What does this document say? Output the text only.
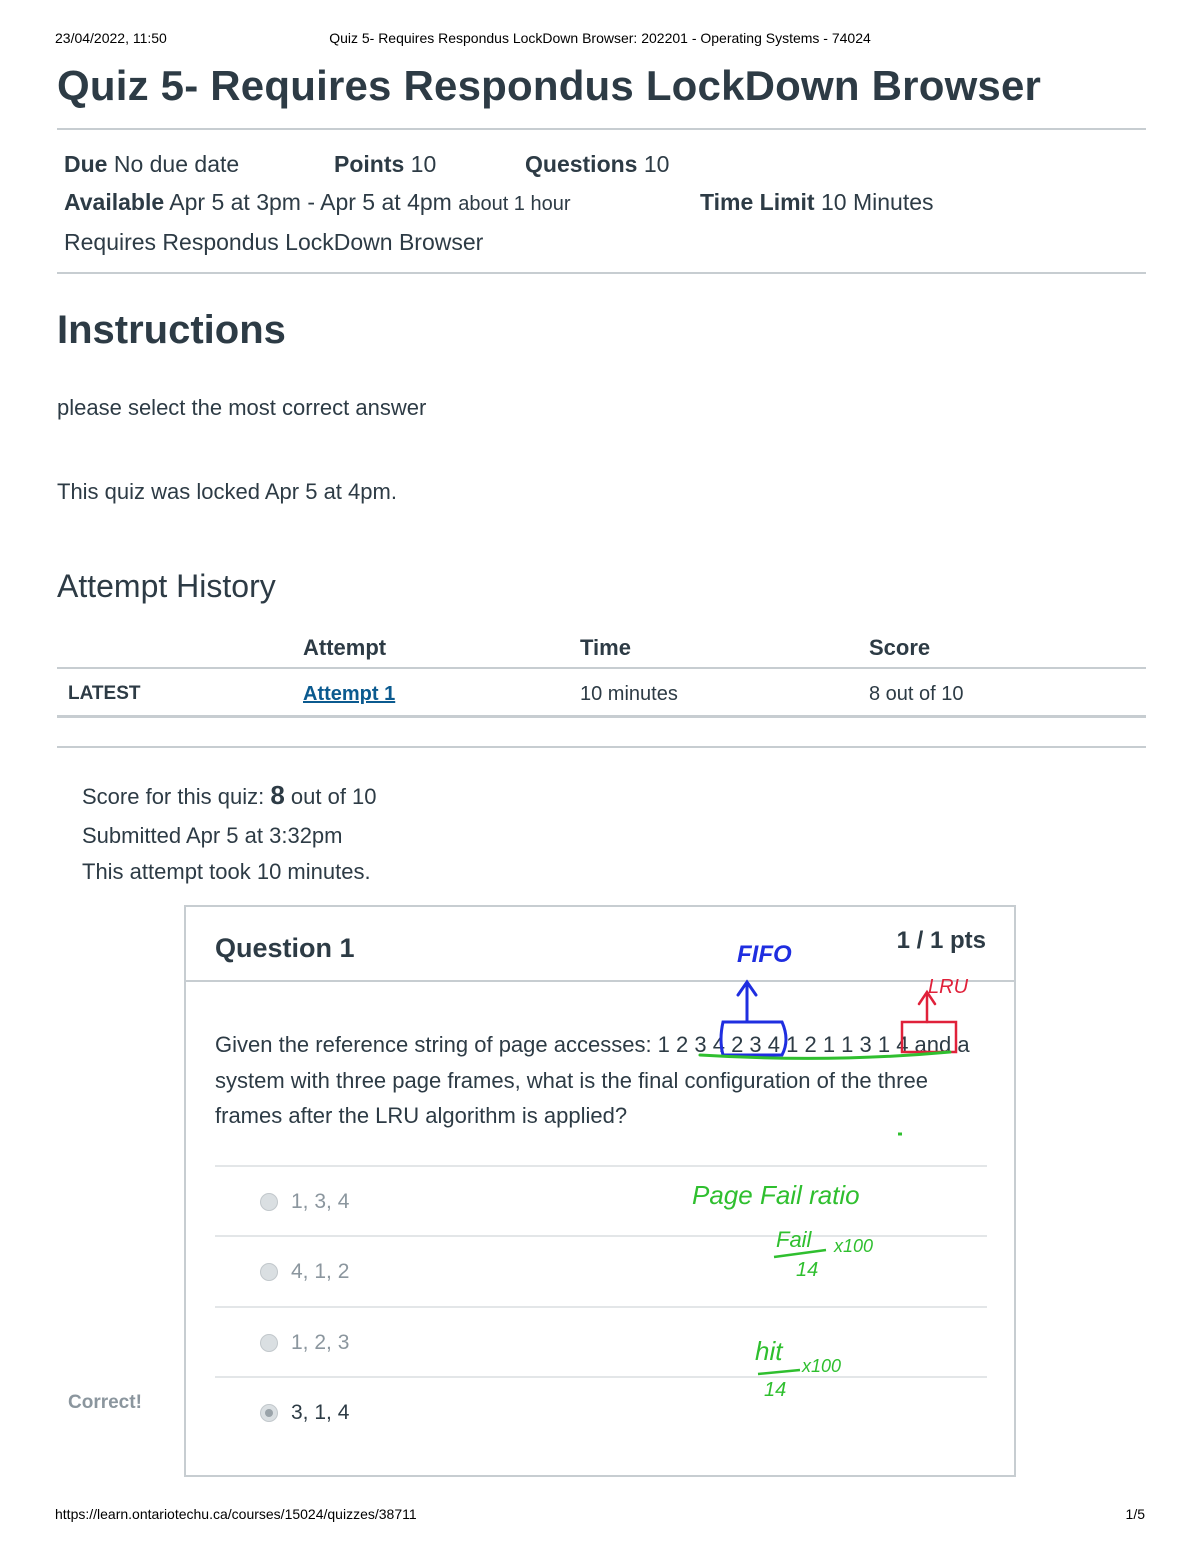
23/04/2022, 11:50	Quiz 5- Requires Respondus LockDown Browser: 202201 - Operating Systems - 74024
Quiz 5- Requires Respondus LockDown Browser
Due No due date	Points 10	Questions 10
Available Apr 5 at 3pm - Apr 5 at 4pm about 1 hour	Time Limit 10 Minutes
Requires Respondus LockDown Browser
Instructions
please select the most correct answer
This quiz was locked Apr 5 at 4pm.
Attempt History
Attempt	Time	Score
LATEST	Attempt 1	10 minutes	8 out of 10
Score for this quiz: 8 out of 10
Submitted Apr 5 at 3:32pm
This attempt took 10 minutes.
Question 1	1 / 1 pts
Given the reference string of page accesses: 1 2 3 4 2 3 4 1 2 1 1 3 1 4 and a system with three page frames, what is the final configuration of the three frames after the LRU algorithm is applied?
1, 3, 4
4, 1, 2
1, 2, 3
3, 1, 4
Correct!
FIFO
LRU
Page Fail ratio
Fail x100
14
hit x100
14
https://learn.ontariotechu.ca/courses/15024/quizzes/38711	1/5
